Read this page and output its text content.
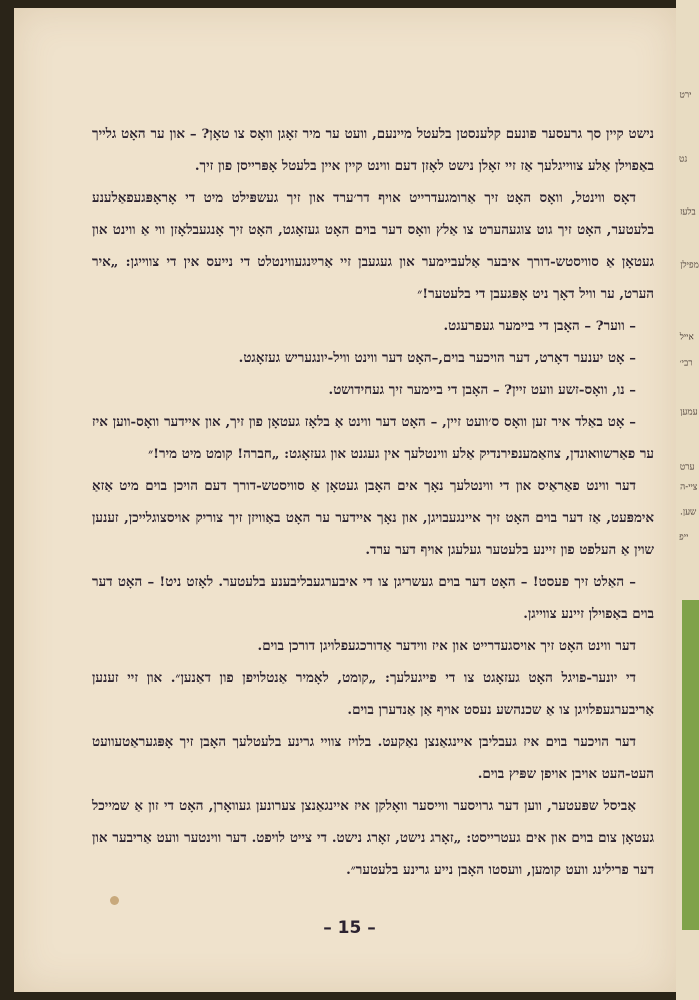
ירט
נט
בלעז
מפילן
אייל
רבי׳
עמען
ערט
ציי-ה
שען.
ייפ

נישט קיין סך גרעסער פונעם קלענסטן בלעטל מיינעם, וועט ער מיר זאָגן וואָס צו טאָן? – און ער האָט גלייך באַפוילן אַלע צווייגלעך אַז זיי זאָלן נישט לאָזן דעם ווינט קיין איין בלעטל אָפּרייסן פון זיך.

דאָס ווינטל, וואָס האָט זיך אַרומגעדרייט אויף דר׳ערד און זיך געשפּילט מיט די אָראָפּגעפאַלענע בלעטער, האָט זיך גוט צוגעהערט צו אַלץ וואָס דער בוים האָט געזאָגט, האָט זיך אָנגעבלאָזן ווי אַ ווינט און געטאָן אַ סוויסטש-דורך איבער אַלעביימער און געגעבן זיי אַרײַנגעווינטלט די נייעס אין די צווייגן: „איר הערט, ער וויל דאָך ניט אָפּגעבן די בלעטער!״

– ווער? – האָבן די ביימער געפרעגט.

– אָט יענער דאָרט, דער הויכער בוים,–האָט דער ווינט וויל-יונגעריש געזאָגט.

– נו, וואָס-זשע וועט זיין? – האָבן די ביימער זיך געחידושט.

– אָט באַלד איר זען וואָס ס׳וועט זיין, – האָט דער ווינט אַ בלאָז געטאָן פון זיך, און איידער וואָס-ווען איז ער פאַרשוואונדן, צוזאַמענפירנדיק אַלע ווינטלעך אין געגנט און געזאָגט: „חברה! קומט מיט מיר!״

דער ווינט פאַראַיס און די ווינטלעך נאָך אים האָבן געטאָן אַ סוויסטש-דורך דעם הויכן בוים מיט אַזאַ אימפּעט, אַז דער בוים האָט זיך איינגעבויגן, און נאָך איידער ער האָט באַוויזן זיך צוריק אויסצוגלייכן, זענען שוין אַ העלפט פון זיינע בלעטער געלעגן אויף דער ערד.

– האַלט זיך פעסט! – האָט דער בוים געשריגן צו די איבערגעבליבענע בלעטער. לאָזט ניט! – האָט דער בוים באַפוילן זיינע צווייגן.

דער ווינט האָט זיך אויסגעדרייט און איז ווידער אַדורכגעפלויגן דורכן בוים.

די יונער-פויגל האָט געזאָגט צו די פייגעלעך: „קומט, לאָמיר אַנטלויפן פון דאַנען״. און זיי זענען אַריבערגעפלויגן צו אַ שכנהשע נעסט אויף אַן אַנדערן בוים.

דער הויכער בוים איז געבליבן איינגאַנצן נאַקעט. בלויז צוויי גרינע בלעטלעך האָבן זיך אָפּגעראַטעוועט העט-העט אויבן אויפן שפּיץ בוים.

אַביסל שפּעטער, ווען דער גרויסער ווייסער וואָלקן איז איינגאַנצן צערונען געוואָרן, האָט די זון אַ שמייכל געטאָן צום בוים און אים געטרייסט: „זאָרג נישט, זאָרג נישט. די צייט לויפט. דער ווינטער וועט אַריבער און דער פרילינג וועט קומען, וועסטו האָבן נייע גרינע בלעטער״.

– 15 –
